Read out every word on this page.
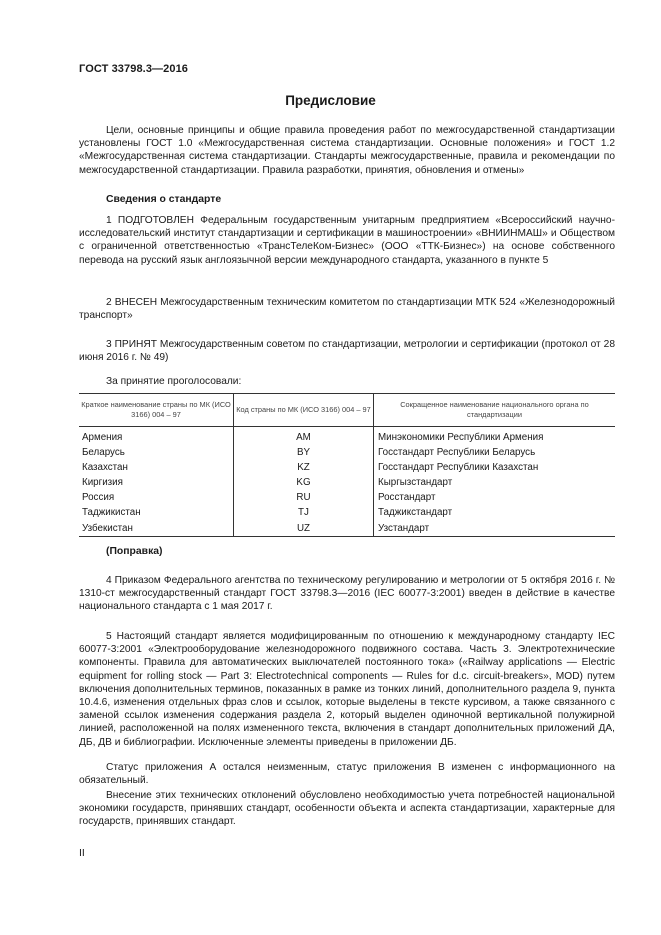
ГОСТ 33798.3—2016
Предисловие

Цели, основные принципы и общие правила проведения работ по межгосударственной стандартизации установлены ГОСТ 1.0 «Межгосударственная система стандартизации. Основные положения» и ГОСТ 1.2 «Межгосударственная система стандартизации. Стандарты межгосударственные, правила и рекомендации по межгосударственной стандартизации. Правила разработки, принятия, обновления и отмены»

Сведения о стандарте

1 ПОДГОТОВЛЕН Федеральным государственным унитарным предприятием «Всероссийский научно-исследовательский институт стандартизации и сертификации в машиностроении» «ВНИИНМАШ» и Обществом с ограниченной ответственностью «ТрансТелеКом-Бизнес» (ООО «ТТК-Бизнес») на основе собственного перевода на русский язык англоязычной версии международного стандарта, указанного в пункте 5

2 ВНЕСЕН Межгосударственным техническим комитетом по стандартизации МТК 524 «Железнодорожный транспорт»

3 ПРИНЯТ Межгосударственным советом по стандартизации, метрологии и сертификации (протокол от 28 июня 2016 г. № 49)

За принятие проголосовали:
Краткое наименование страны по МК (ИСО 3166) 004 – 97	Код страны по МК (ИСО 3166) 004 – 97	Сокращенное наименование национального органа по стандартизации
Армения	AM	Минэкономики Республики Армения
Беларусь	BY	Госстандарт Республики Беларусь
Казахстан	KZ	Госстандарт Республики Казахстан
Киргизия	KG	Кыргызстандарт
Россия	RU	Росстандарт
Таджикистан	TJ	Таджикстандарт
Узбекистан	UZ	Узстандарт
(Поправка)

4 Приказом Федерального агентства по техническому регулированию и метрологии от 5 октября 2016 г. № 1310-ст межгосударственный стандарт ГОСТ 33798.3—2016 (IEC 60077-3:2001) введен в действие в качестве национального стандарта с 1 мая 2017 г.

5 Настоящий стандарт является модифицированным по отношению к международному стандарту IEC 60077-3:2001 «Электрооборудование железнодорожного подвижного состава. Часть 3. Электротехнические компоненты. Правила для автоматических выключателей постоянного тока» («Railway applications — Electric equipment for rolling stock — Part 3: Electrotechnical components — Rules for d.c. circuit-breakers», MOD) путем включения дополнительных терминов, показанных в рамке из тонких линий, дополнительного раздела 9, пункта 10.4.6, изменения отдельных фраз слов и ссылок, которые выделены в тексте курсивом, а также связанного с заменой ссылок изменения содержания раздела 2, который выделен одиночной вертикальной полужирной линией, расположенной на полях измененного текста, включения в стандарт дополнительных приложений ДА, ДБ, ДВ и библиографии. Исключенные элементы приведены в приложении ДБ.

Статус приложения А остался неизменным, статус приложения В изменен с информационного на обязательный.

Внесение этих технических отклонений обусловлено необходимостью учета потребностей национальной экономики государств, принявших стандарт, особенности объекта и аспекта стандартизации, характерные для государств, принявших стандарт.

II
